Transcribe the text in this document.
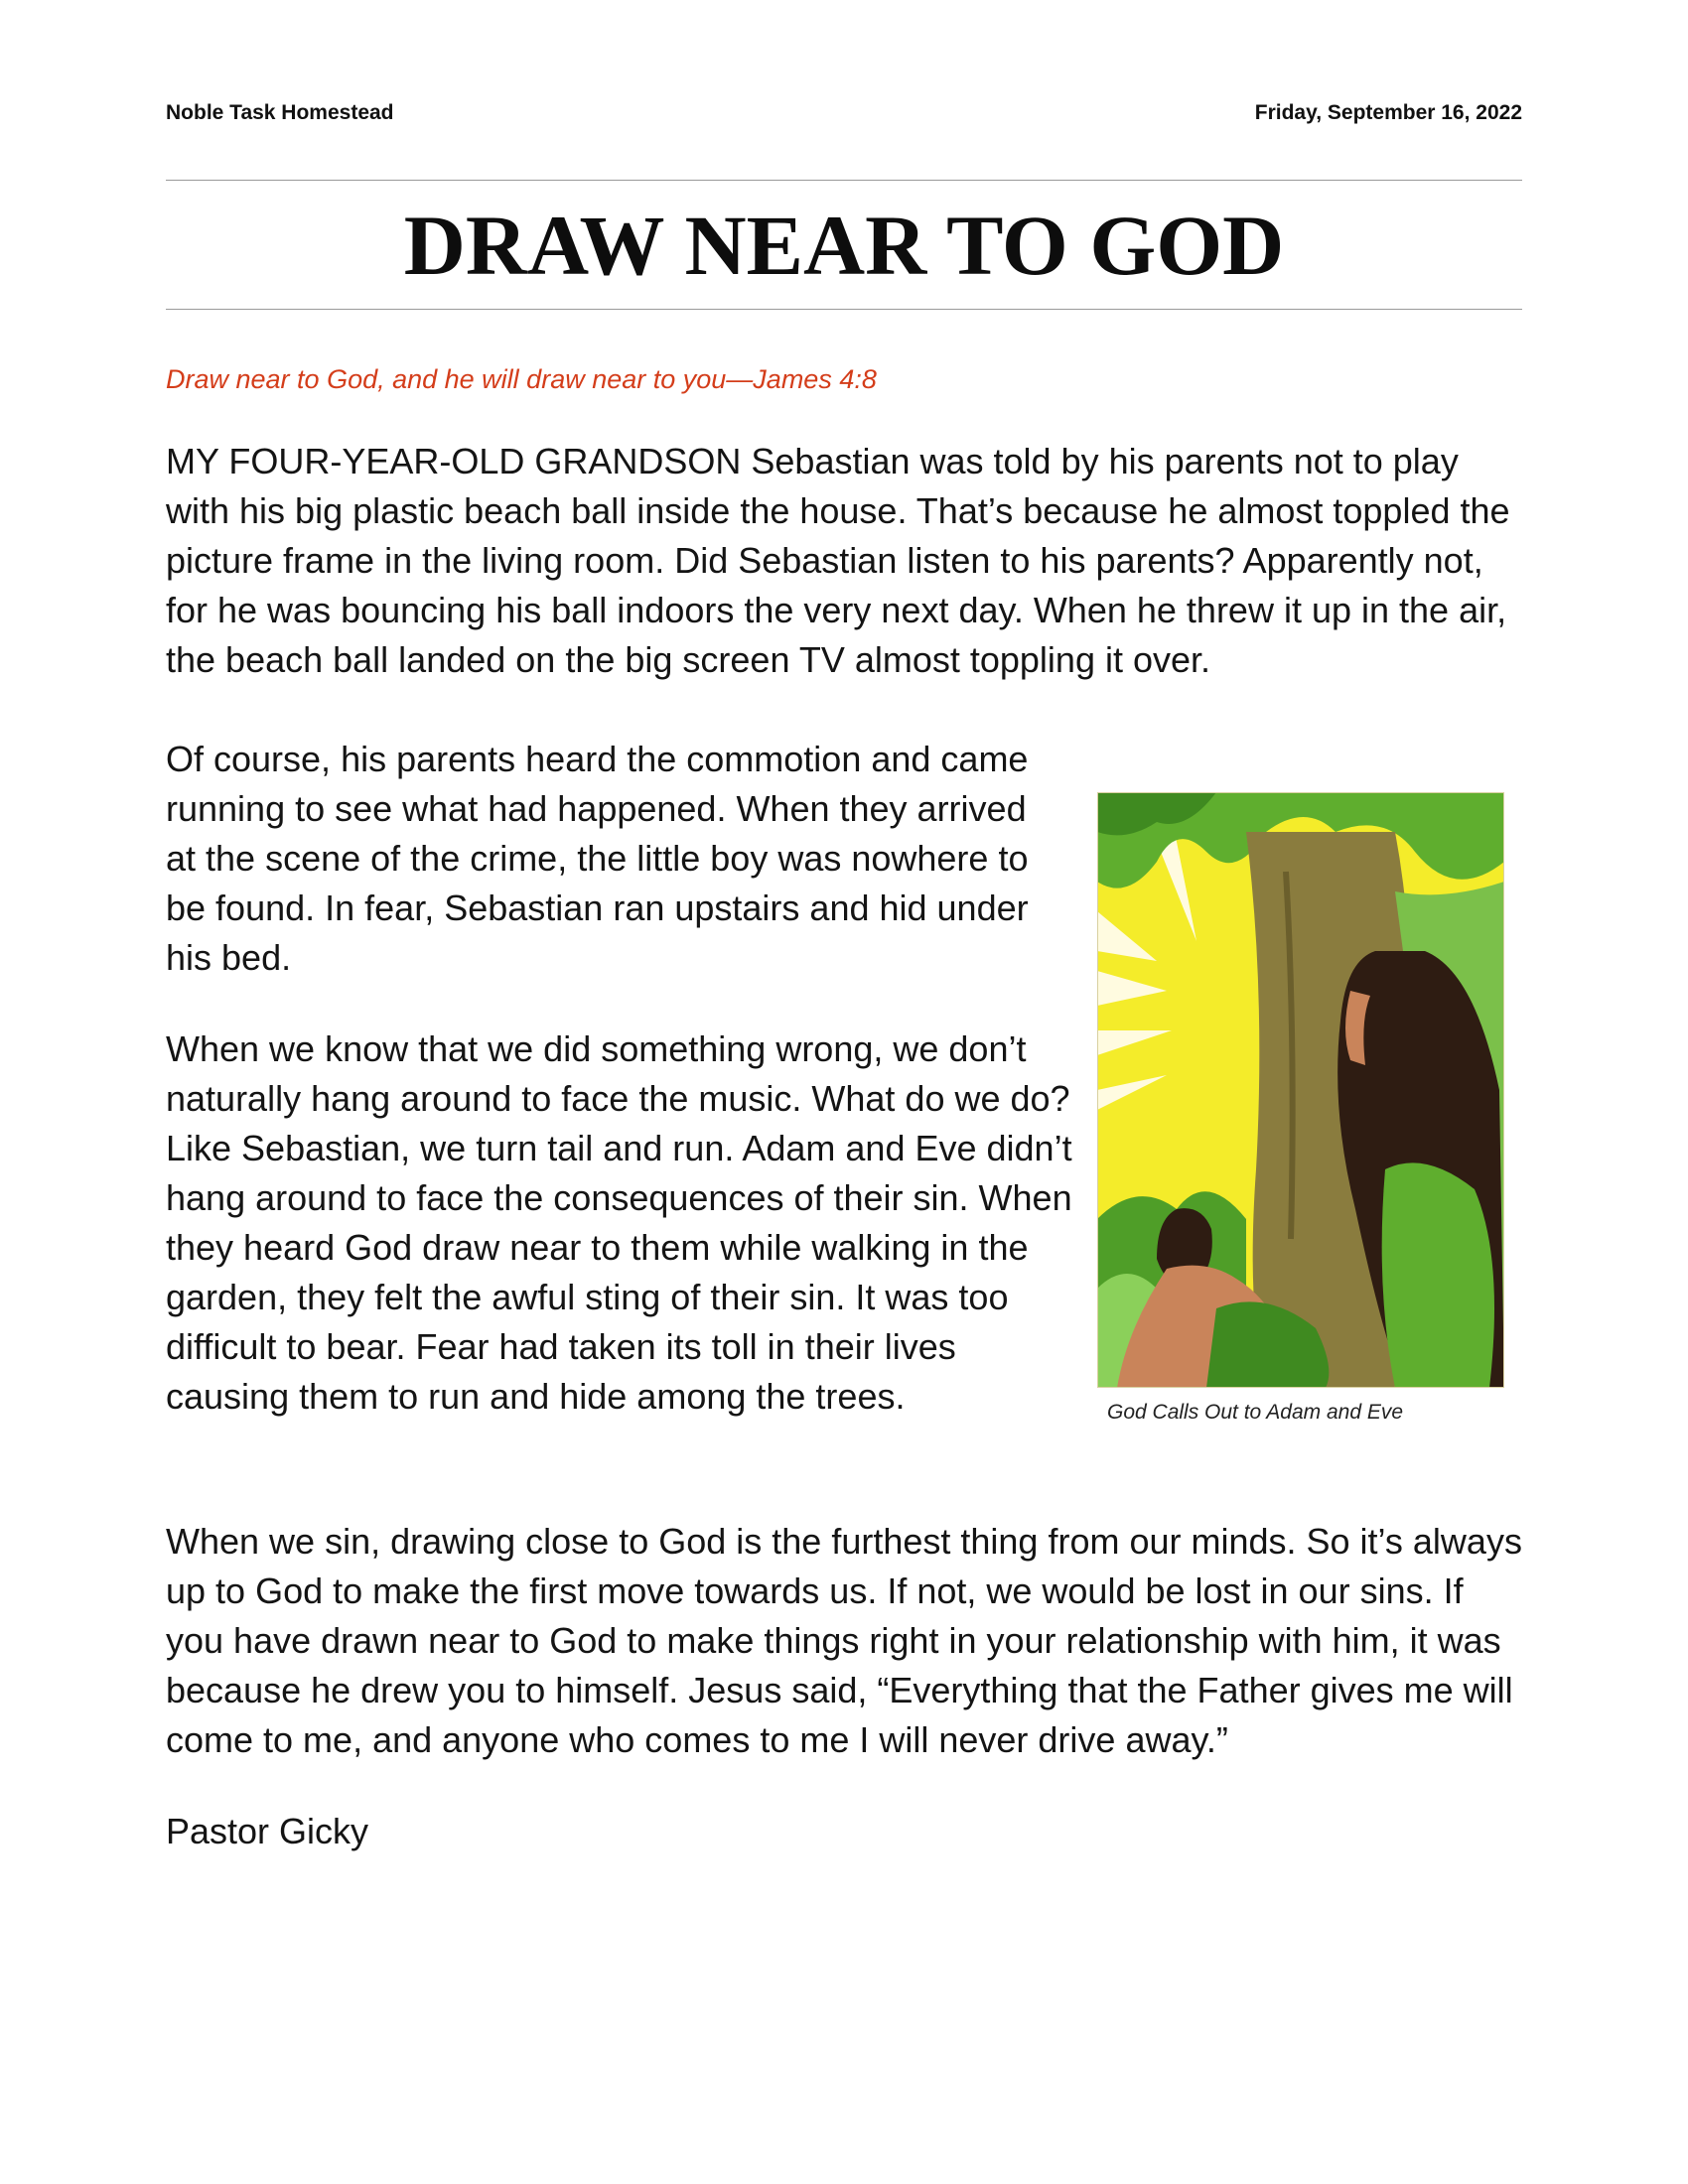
Noble Task Homestead	Friday, September 16, 2022
DRAW NEAR TO GOD
Draw near to God, and he will draw near to you—James 4:8

MY FOUR-YEAR-OLD GRANDSON Sebastian was told by his parents not to play with his big plastic beach ball inside the house. That’s because he almost toppled the picture frame in the living room. Did Sebastian listen to his parents? Apparently not, for he was bouncing his ball indoors the very next day. When he threw it up in the air, the beach ball landed on the big screen TV almost toppling it over.

Of course, his parents heard the commotion and came running to see what had happened. When they arrived at the scene of the crime, the little boy was nowhere to be found. In fear, Sebastian ran upstairs and hid under his bed.

When we know that we did something wrong, we don’t naturally hang around to face the music. What do we do? Like Sebastian, we turn tail and run. Adam and Eve didn’t hang around to face the consequences of their sin. When they heard God draw near to them while walking in the garden, they felt the awful sting of their sin. It was too difficult to bear. Fear had taken its toll in their lives causing them to run and hide among the trees.

When we sin, drawing close to God is the furthest thing from our minds. So it’s always up to God to make the first move towards us. If not, we would be lost in our sins. If you have drawn near to God to make things right in your relationship with him, it was because he drew you to himself. Jesus said, “Everything that the Father gives me will come to me, and anyone who comes to me I will never drive away.”

Pastor Gicky
God Calls Out to Adam and Eve
